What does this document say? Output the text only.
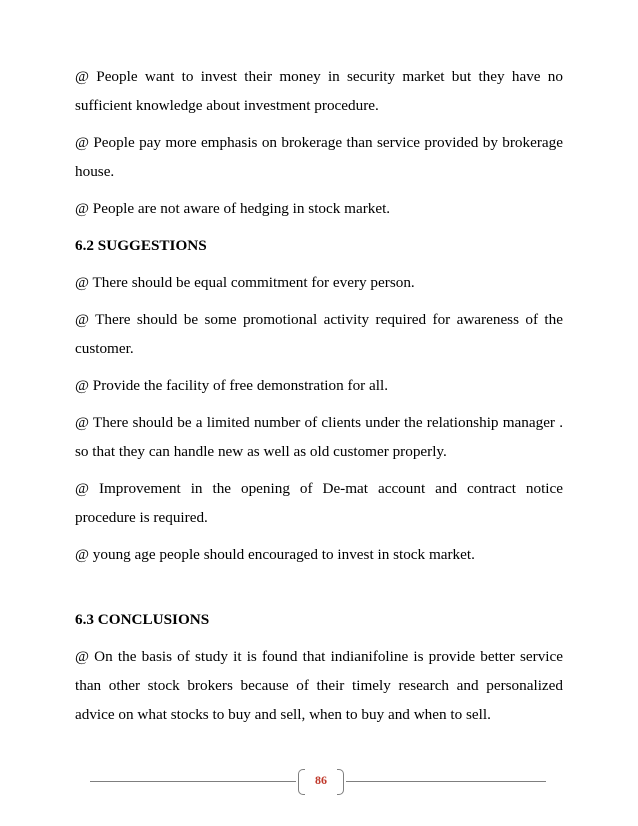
@ People want to invest their money in security market but they have no sufficient knowledge about investment procedure.

@ People pay more emphasis on brokerage than service provided by brokerage house.

@ People are not aware of hedging in stock market.

6.2 SUGGESTIONS

@ There should be equal commitment for every person.

@ There should be some promotional activity required for awareness of the customer.

@ Provide the facility of free demonstration for all.

@ There should be a limited number of clients under the relationship manager . so that they can handle new as well as old customer properly.

@ Improvement in the opening of De-mat account and contract notice procedure is required.

@ young age people should encouraged to invest in stock market.

6.3 CONCLUSIONS

@ On the basis of study it is found that indianifoline is provide better service than other stock brokers because of their timely research and personalized advice on what stocks to buy and sell, when to buy and when to sell.

86
